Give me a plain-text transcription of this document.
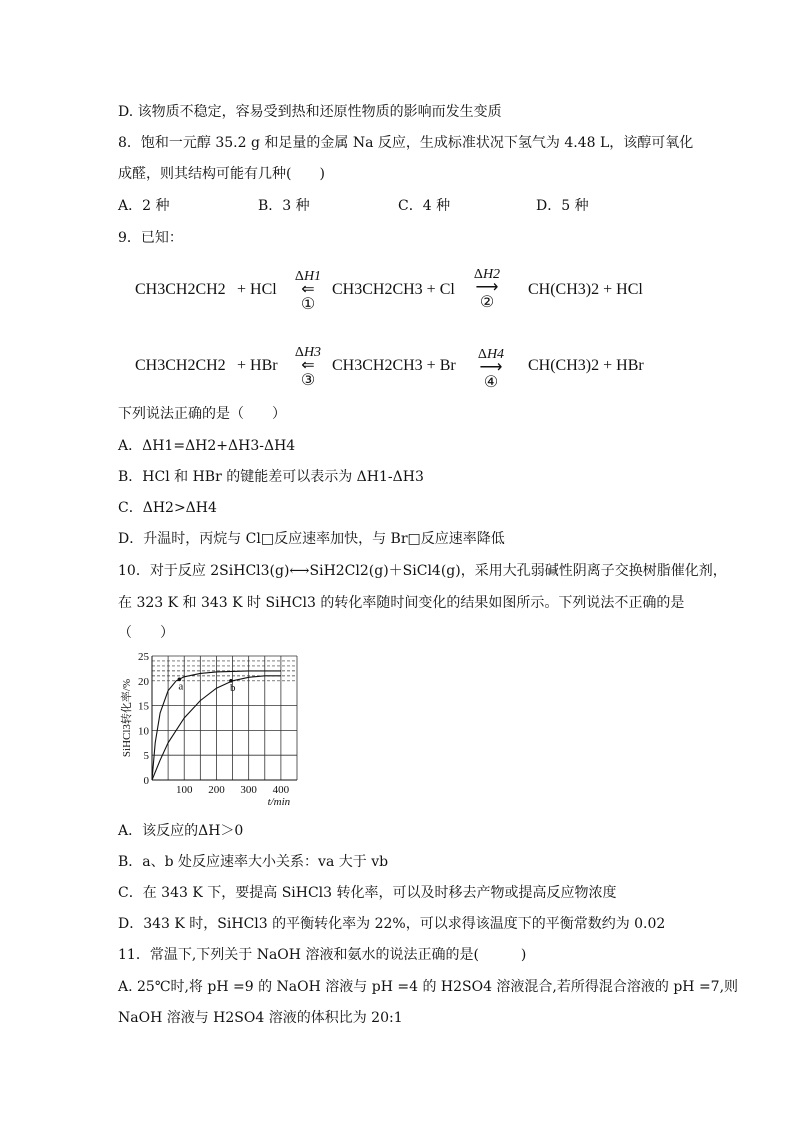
D. 该物质不稳定，容易受到热和还原性物质的影响而发生变质
8．饱和一元醇 35.2 g 和足量的金属 Na 反应，生成标准状况下氢气为 4.48 L，该醇可氧化
成醛，则其结构可能有几种(　　)
A．2 种	B．3 种	C．4 种	D．5 种
9．已知：
CH3CH2CH2 + HCl
ΔH1
⇐
①
CH3CH2CH3 + Cl
ΔH2
⟶
②
CH(CH3)2 + HCl
CH3CH2CH2 + HBr
ΔH3
⇐
③
CH3CH2CH3 + Br
ΔH4
⟶
④
CH(CH3)2 + HBr
下列说法正确的是（　　）
A．ΔH1=ΔH2+ΔH3-ΔH4
B．HCl 和 HBr 的键能差可以表示为 ΔH1-ΔH3
C．ΔH2>ΔH4
D．升温时，丙烷与 Cl□反应速率加快，与 Br□反应速率降低
10．对于反应 2SiHCl3(g)⟷SiH2Cl2(g)＋SiCl4(g)，采用大孔弱碱性阴离子交换树脂催化剂，
在 323 K 和 343 K 时 SiHCl3 的转化率随时间变化的结果如图所示。下列说法不正确的是
（　　）
a	b
0
5
10
15
20
25
100 200 300 400
t/min
SiHCl3转化率/%
A．该反应的ΔH＞0
B．a、b 处反应速率大小关系：va 大于 vb
C．在 343 K 下，要提高 SiHCl3 转化率，可以及时移去产物或提高反应物浓度
D．343 K 时，SiHCl3 的平衡转化率为 22%，可以求得该温度下的平衡常数约为 0.02
11．常温下,下列关于 NaOH 溶液和氨水的说法正确的是(　　　)
A. 25℃时,将 pH =9 的 NaOH 溶液与 pH =4 的 H2SO4 溶液混合,若所得混合溶液的 pH =7,则
NaOH 溶液与 H2SO4 溶液的体积比为 20:1
